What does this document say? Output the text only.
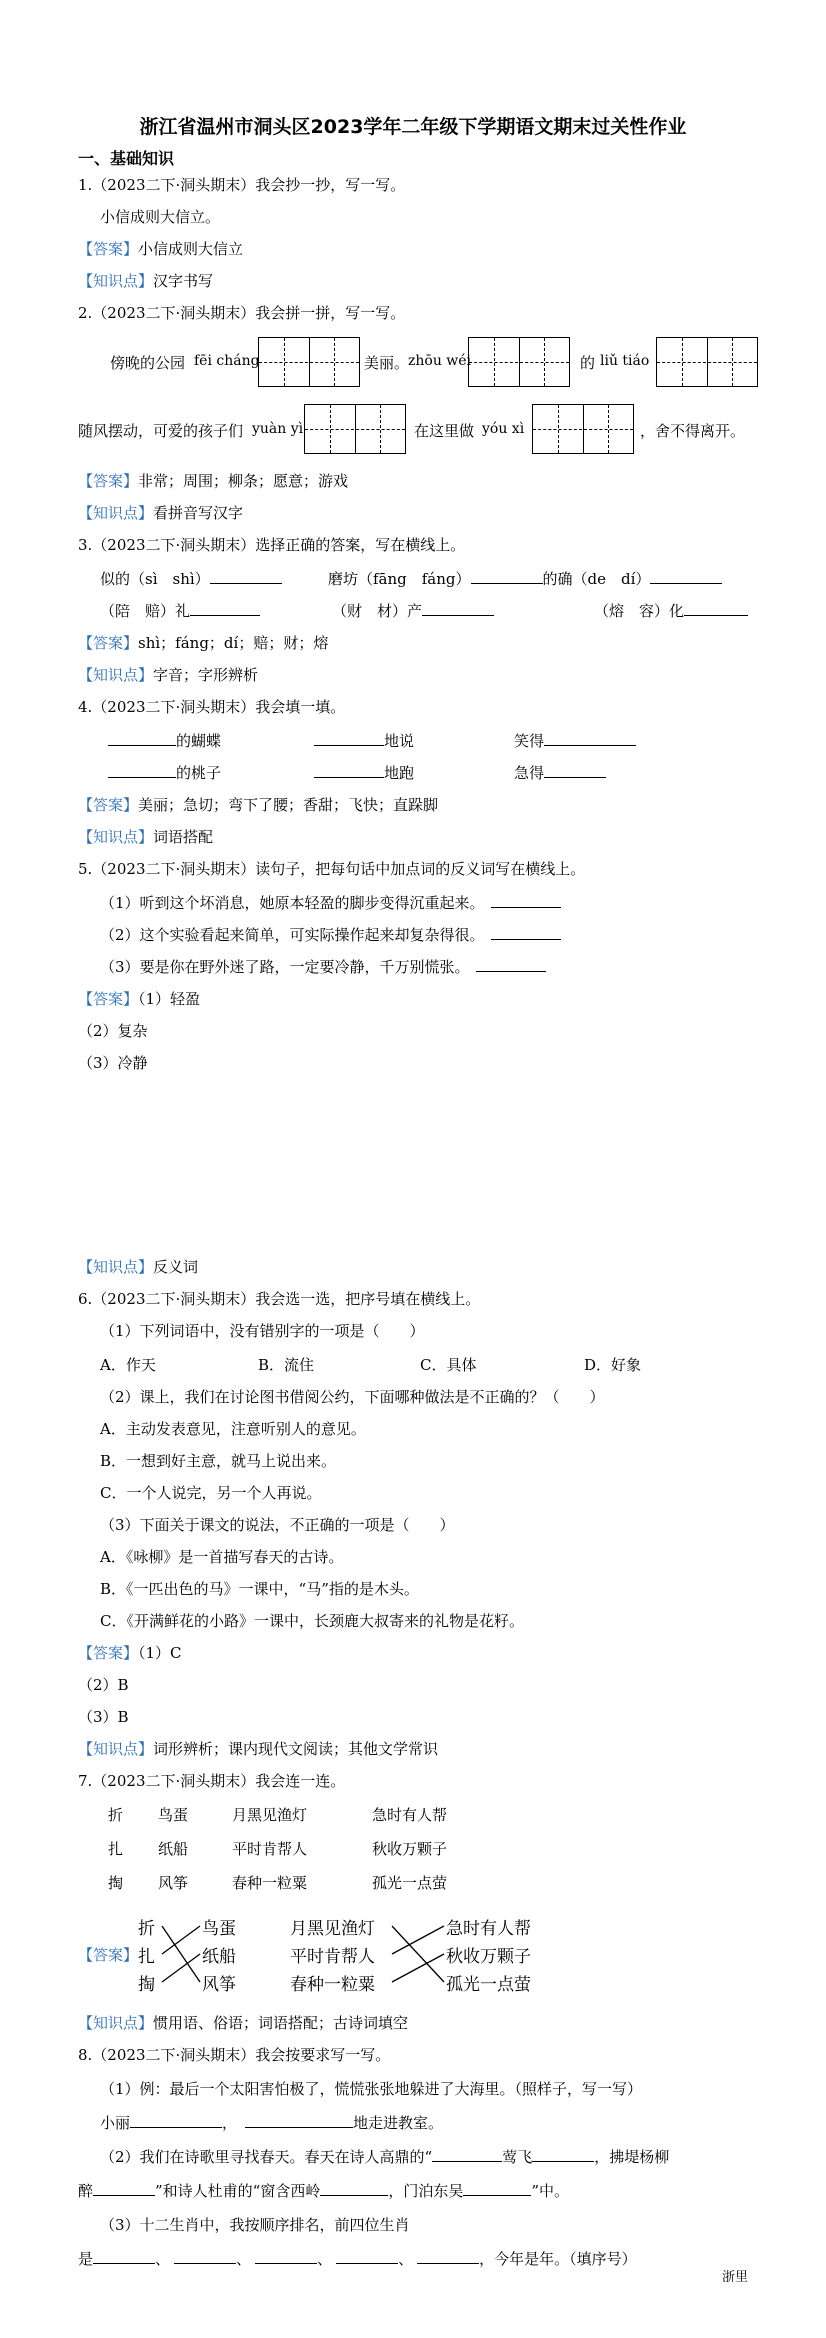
浙江省温州市洞头区2023学年二年级下学期语文期末过关性作业
一、基础知识
1.（2023二下·洞头期末）我会抄一抄，写一写。
小信成则大信立。
【答案】小信成则大信立
【知识点】汉字书写
2.（2023二下·洞头期末）我会拼一拼，写一写。
傍晚的公园 fēi cháng	美丽。
zhōu wéi	的 liǔ tiáo
随风摆动，可爱的孩子们 yuàn yì	在这里做 yóu xì	，舍不得离开。
【答案】非常；周围；柳条；愿意；游戏
【知识点】看拼音写汉字
3.（2023二下·洞头期末）选择正确的答案，写在横线上。
似的（sì　shì）	磨坊（fāng　fáng）	的确（de　dí）
（陪　赔）礼	（财　材）产	（熔　容）化
【答案】shì；fáng；dí；赔；财；熔
【知识点】字音；字形辨析
4.（2023二下·洞头期末）我会填一填。
的蝴蝶	地说	笑得
的桃子	地跑	急得
【答案】美丽；急切；弯下了腰；香甜；飞快；直跺脚
【知识点】词语搭配
5.（2023二下·洞头期末）读句子，把每句话中加点词的反义词写在横线上。
（1）听到这个坏消息，她原本轻盈的脚步变得沉重起来。
（2）这个实验看起来简单，可实际操作起来却复杂得很。
（3）要是你在野外迷了路，一定要冷静，千万别慌张。
【答案】（1）轻盈
（2）复杂
（3）冷静
【知识点】反义词
6.（2023二下·洞头期末）我会选一选，把序号填在横线上。
（1）下列词语中，没有错别字的一项是（　　）
A．作天	B．流住	C．具体	D．好象
（2）课上，我们在讨论图书借阅公约，下面哪种做法是不正确的？（　　）
A．主动发表意见，注意听别人的意见。
B．一想到好主意，就马上说出来。
C．一个人说完，另一个人再说。
（3）下面关于课文的说法，不正确的一项是（　　）
A．《咏柳》是一首描写春天的古诗。
B．《一匹出色的马》一课中，“马”指的是木头。
C．《开满鲜花的小路》一课中，长颈鹿大叔寄来的礼物是花籽。
【答案】（1）C
（2）B
（3）B
【知识点】词形辨析；课内现代文阅读；其他文学常识
7.（2023二下·洞头期末）我会连一连。
折 鸟蛋	月黑见渔灯	急时有人帮
扎 纸船	平时肯帮人	秋收万颗子
掏 风筝	春种一粒粟	孤光一点萤
【答案】
折
扎
掏
鸟蛋
纸船
风筝
月黑见渔灯
平时肯帮人
春种一粒粟
急时有人帮
秋收万颗子
孤光一点萤
【知识点】惯用语、俗语；词语搭配；古诗词填空
8.（2023二下·洞头期末）我会按要求写一写。
（1）例：最后一个太阳害怕极了，慌慌张张地躲进了大海里。（照样子，写一写）
小丽	，	地走进教室。
（2）我们在诗歌里寻找春天。春天在诗人高鼎的“	莺飞	，拂堤杨柳
醉	”和诗人杜甫的“窗含西岭	，门泊东吴	”中。
（3）十二生肖中，我按顺序排名，前四位生肖
是	、	、	、	、	，今年是年。（填序号）
浙里
